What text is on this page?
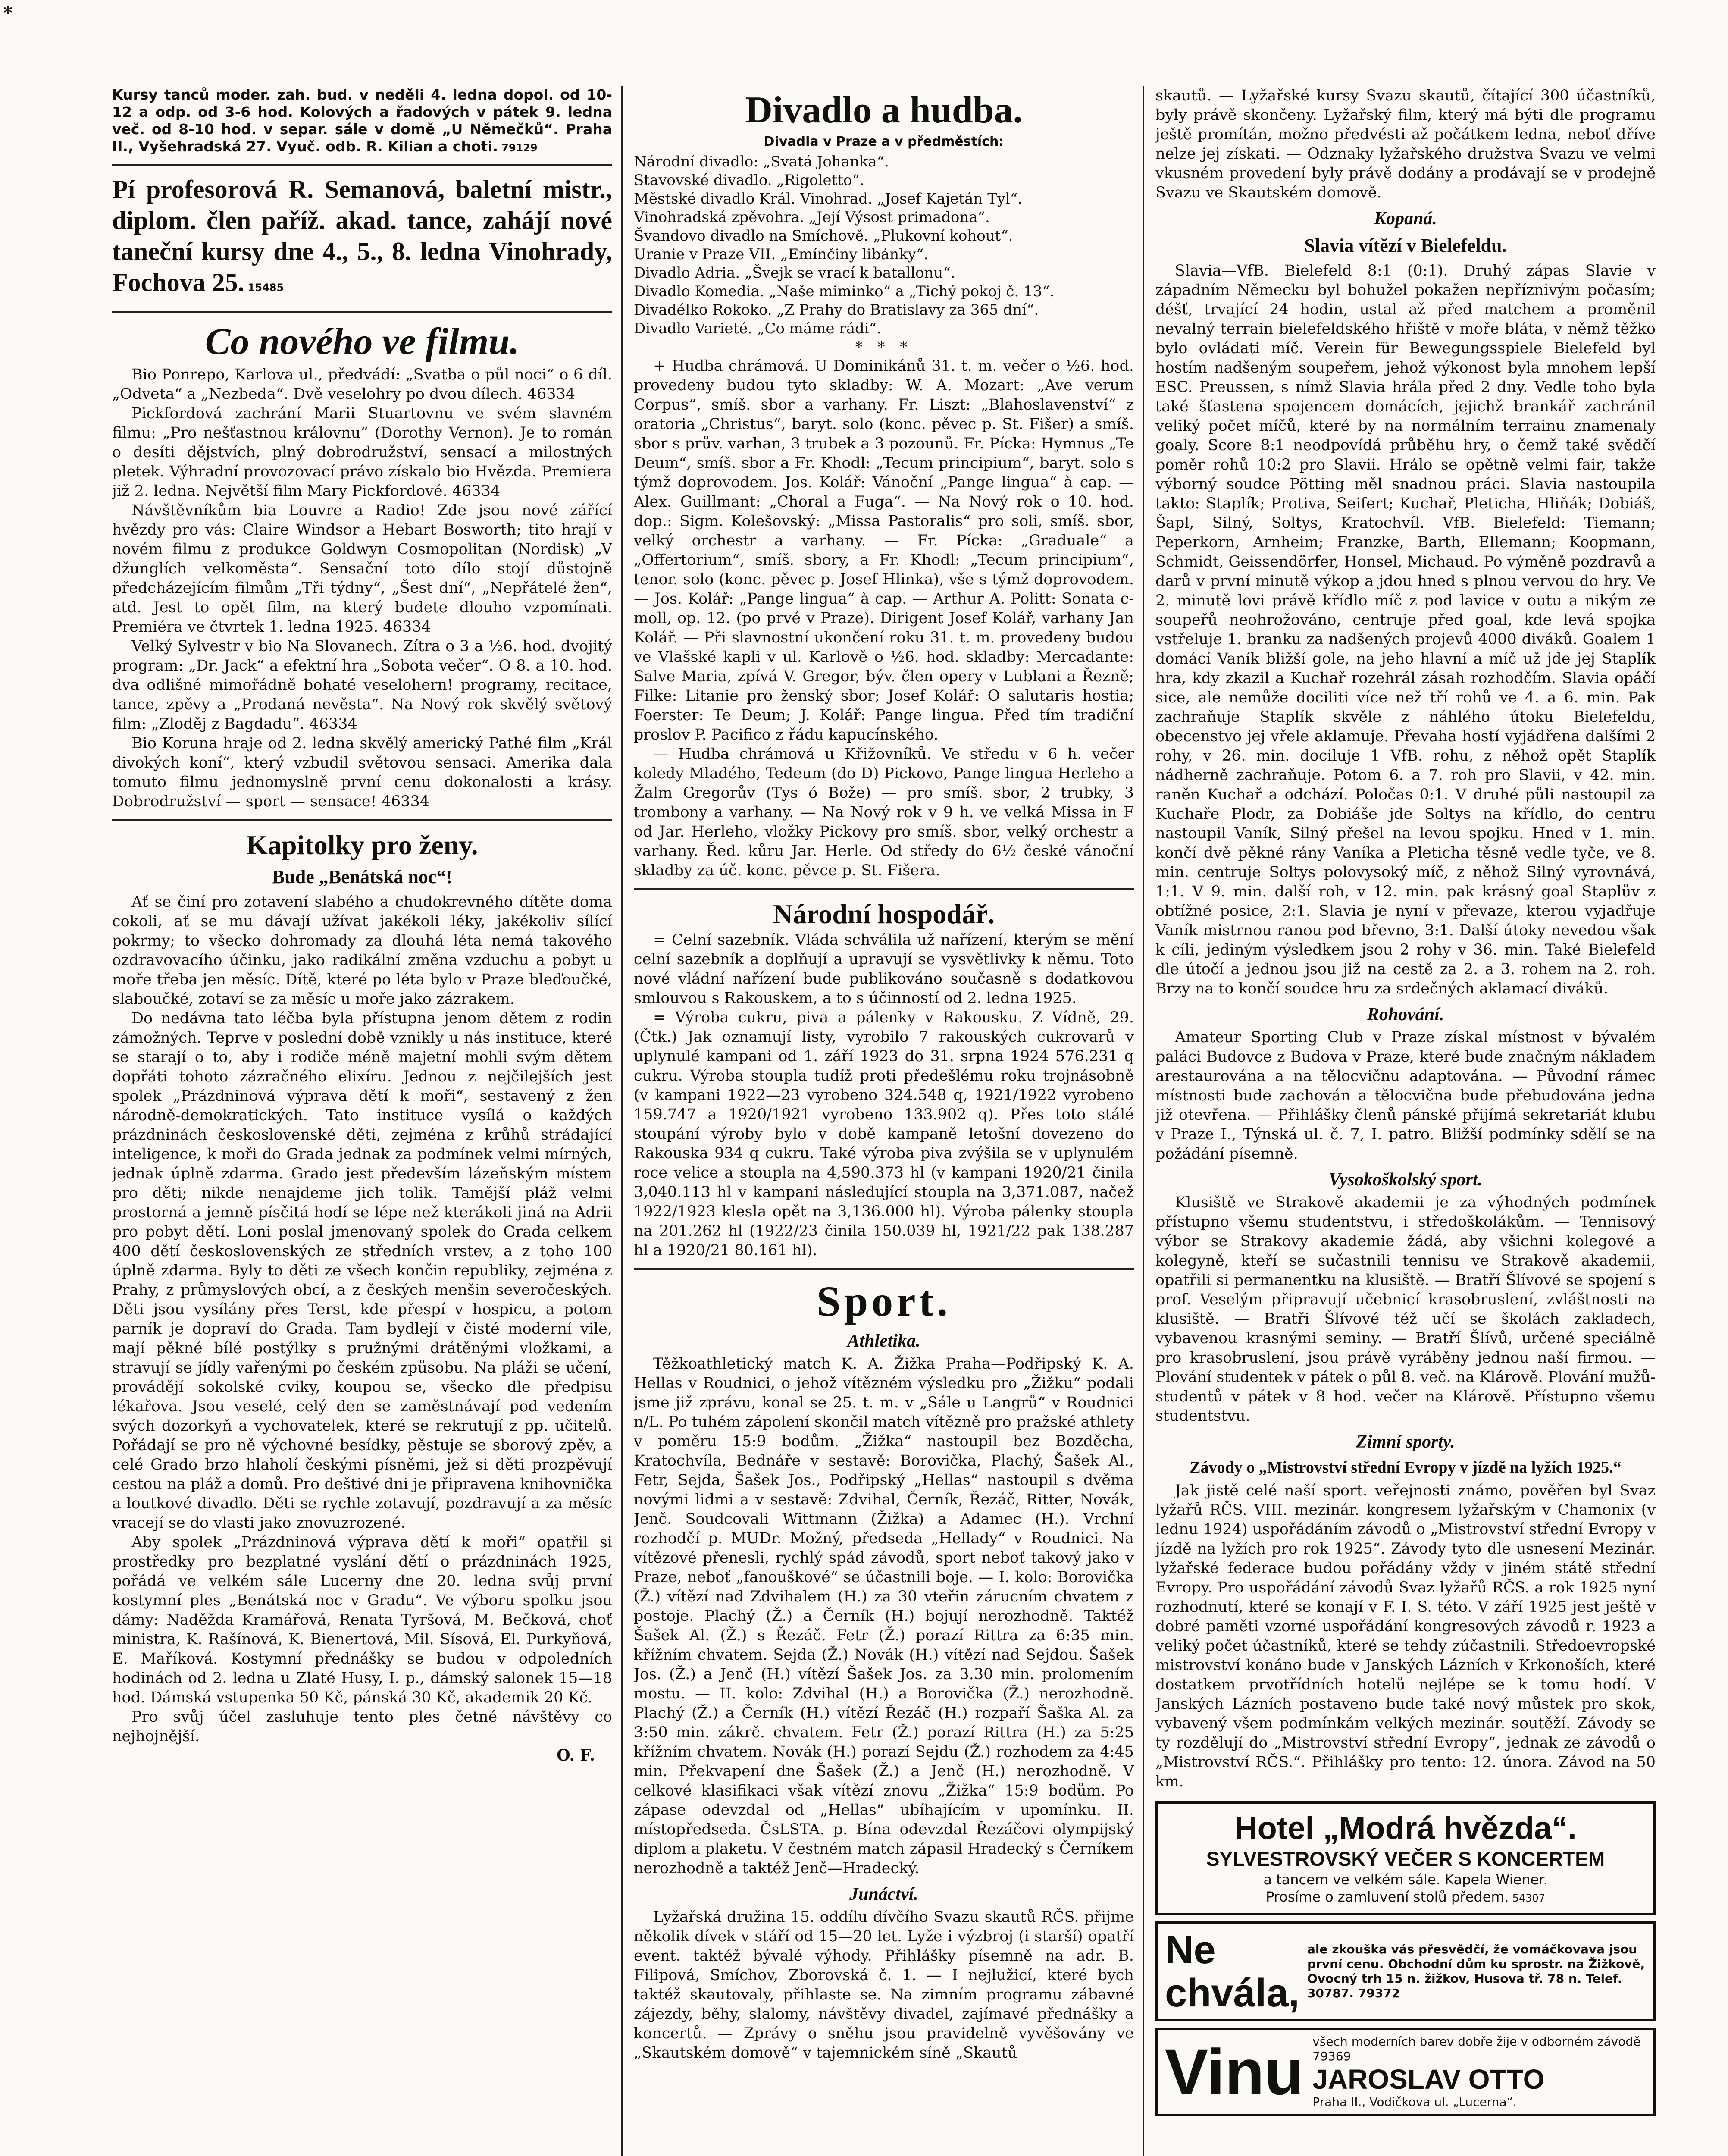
*

Kursy tanců moder. zah. bud. v neděli 4. ledna dopol. od 10-12 a odp. od 3-6 hod. Kolových a řadových v pátek 9. ledna več. od 8-10 hod. v separ. sále v domě „U Němečků“. Praha II., Vyšehradská 27. Vyuč. odb. R. Kilian a choti. 79129

Pí profesorová R. Semanová, baletní mistr., diplom. člen paříž. akad. tance, zahájí nové taneční kursy dne 4., 5., 8. ledna Vinohrady, Fochova 25. 15485

Co nového ve filmu.

Bio Ponrepo, Karlova ul., předvádí: „Svatba o půl noci“ o 6 díl. „Odveta“ a „Nezbeda“. Dvě veselohry po dvou dílech. 46334

Pickfordová zachrání Marii Stuartovnu ve svém slavném filmu: „Pro nešťastnou královnu“ (Dorothy Vernon). Je to román o desíti dějstvích, plný dobrodružství, sensací a milostných pletek. Výhradní provozovací právo získalo bio Hvězda. Premiera již 2. ledna. Největší film Mary Pickfordové. 46334

Návštěvníkům bia Louvre a Radio! Zde jsou nové zářící hvězdy pro vás: Claire Windsor a Hebart Bosworth; tito hrají v novém filmu z produkce Goldwyn Cosmopolitan (Nordisk) „V džunglích velkoměsta“. Sensační toto dílo stojí důstojně předcházejícím filmům „Tři týdny“, „Šest dní“, „Nepřátelé žen“, atd. Jest to opět film, na který budete dlouho vzpomínati. Premiéra ve čtvrtek 1. ledna 1925. 46334

Velký Sylvestr v bio Na Slovanech. Zítra o 3 a ½6. hod. dvojitý program: „Dr. Jack“ a efektní hra „Sobota večer“. O 8. a 10. hod. dva odlišné mimořádně bohaté veselohern! programy, recitace, tance, zpěvy a „Prodaná nevěsta“. Na Nový rok skvělý světový film: „Zloděj z Bagdadu“. 46334

Bio Koruna hraje od 2. ledna skvělý americký Pathé film „Král divokých koní“, který vzbudil světovou sensaci. Amerika dala tomuto filmu jednomyslně první cenu dokonalosti a krásy. Dobrodružství — sport — sensace! 46334

Kapitolky pro ženy.
Bude „Benátská noc“!

Ať se činí pro zotavení slabého a chudokrevného dítěte doma cokoli, ať se mu dávají užívat jakékoli léky, jakékoliv sílící pokrmy; to všecko dohromady za dlouhá léta nemá takového ozdravovacího účinku, jako radikální změna vzduchu a pobyt u moře třeba jen měsíc. Dítě, které po léta bylo v Praze bleďoučké, slaboučké, zotaví se za měsíc u moře jako zázrakem.

Do nedávna tato léčba byla přístupna jenom dětem z rodin zámožných. Teprve v poslední době vznikly u nás instituce, které se starají o to, aby i rodiče méně majetní mohli svým dětem dopřáti tohoto zázračného elixíru. Jednou z nejčilejších jest spolek „Prázdninová výprava dětí k moři“, sestavený z žen národně-demokratických. Tato instituce vysílá o každých prázdninách československé děti, zejména z krůhů strádající inteligence, k moři do Grada jednak za podmínek velmi mírných, jednak úplně zdarma. Grado jest především lázeňským místem pro děti; nikde nenajdeme jich tolik. Tamější pláž velmi prostorná a jemně písčitá hodí se lépe než kterákoli jiná na Adrii pro pobyt dětí. Loni poslal jmenovaný spolek do Grada celkem 400 dětí československých ze středních vrstev, a z toho 100 úplně zdarma. Byly to děti ze všech končin republiky, zejména z Prahy, z průmyslových obcí, a z českých menšin severočeských. Děti jsou vysílány přes Terst, kde přespí v hospicu, a potom parník je dopraví do Grada. Tam bydlejí v čisté moderní vile, mají pěkné bílé postýlky s pružnými drátěnými vložkami, a stravují se jídly vařenými po českém způsobu. Na pláži se učení, provádějí sokolské cviky, koupou se, všecko dle předpisu lékařova. Jsou veselé, celý den se zaměstnávají pod vedením svých dozorkyň a vychovatelek, které se rekrutují z pp. učitelů. Pořádají se pro ně výchovné besídky, pěstuje se sborový zpěv, a celé Grado brzo hlaholí českými písněmi, jež si děti prozpěvují cestou na pláž a domů. Pro deštivé dni je připravena knihovnička a loutkové divadlo. Děti se rychle zotavují, pozdravují a za měsíc vracejí se do vlasti jako znovuzrozené.

Aby spolek „Prázdninová výprava dětí k moři“ opatřil si prostředky pro bezplatné vyslání dětí o prázdninách 1925, pořádá ve velkém sále Lucerny dne 20. ledna svůj první kostymní ples „Benátská noc v Gradu“. Ve výboru spolku jsou dámy: Naděžda Kramářová, Renata Tyršová, M. Bečková, choť ministra, K. Rašínová, K. Bienertová, Mil. Sísová, El. Purkyňová, E. Maříková. Kostymní přednášky se budou v odpoledních hodinách od 2. ledna u Zlaté Husy, I. p., dámský salonek 15—18 hod. Dámská vstupenka 50 Kč, pánská 30 Kč, akademik 20 Kč.

Pro svůj účel zasluhuje tento ples četné návštěvy co nejhojnější.

O. F.

Divadlo a hudba.
Divadla v Praze a v předměstích:

Národní divadlo: „Svatá Johanka“.

Stavovské divadlo. „Rigoletto“.

Městské divadlo Král. Vinohrad. „Josef Kajetán Tyl“.

Vinohradská zpěvohra. „Její Výsost primadona“.

Švandovo divadlo na Smíchově. „Plukovní kohout“.

Uranie v Praze VII. „Emínčiny libánky“.

Divadlo Adria. „Švejk se vrací k batallonu“.

Divadlo Komedia. „Naše miminko“ a „Tichý pokoj č. 13“.

Divadélko Rokoko. „Z Prahy do Bratislavy za 365 dní“.

Divadlo Varieté. „Co máme rádi“.

* * *

+ Hudba chrámová. U Dominikánů 31. t. m. večer o ½6. hod. provedeny budou tyto skladby: W. A. Mozart: „Ave verum Corpus“, smíš. sbor a varhany. Fr. Liszt: „Blahoslavenství“ z oratoria „Christus“, baryt. solo (konc. pěvec p. St. Fišer) a smíš. sbor s prův. varhan, 3 trubek a 3 pozounů. Fr. Pícka: Hymnus „Te Deum“, smíš. sbor a Fr. Khodl: „Tecum principium“, baryt. solo s týmž doprovodem. Jos. Kolář: Vánoční „Pange lingua“ à cap. — Alex. Guillmant: „Choral a Fuga“. — Na Nový rok o 10. hod. dop.: Sigm. Kolešovský: „Missa Pastoralis“ pro soli, smíš. sbor, velký orchestr a varhany. — Fr. Pícka: „Graduale“ a „Offertorium“, smíš. sbory, a Fr. Khodl: „Tecum principium“, tenor. solo (konc. pěvec p. Josef Hlinka), vše s týmž doprovodem. — Jos. Kolář: „Pange lingua“ à cap. — Arthur A. Politt: Sonata c-moll, op. 12. (po prvé v Praze). Dirigent Josef Kolář, varhany Jan Kolář. — Při slavnostní ukončení roku 31. t. m. provedeny budou ve Vlašské kapli v ul. Karlově o ½6. hod. skladby: Mercadante: Salve Maria, zpívá V. Gregor, býv. člen opery v Lublani a Řezně; Filke: Litanie pro ženský sbor; Josef Kolář: O salutaris hostia; Foerster: Te Deum; J. Kolář: Pange lingua. Před tím tradiční proslov P. Pacifico z řádu kapucínského.

— Hudba chrámová u Křižovníků. Ve středu v 6 h. večer koledy Mladého, Tedeum (do D) Pickovo, Pange lingua Herleho a Žalm Gregorův (Tys ó Bože) — pro smíš. sbor, 2 trubky, 3 trombony a varhany. — Na Nový rok v 9 h. ve velká Missa in F od Jar. Herleho, vložky Pickovy pro smíš. sbor, velký orchestr a varhany. Řed. kůru Jar. Herle. Od středy do 6½ české vánoční skladby za úč. konc. pěvce p. St. Fišera.

Národní hospodář.

= Celní sazebník. Vláda schválila už nařízení, kterým se mění celní sazebník a doplňují a upravují se vysvětlivky k němu. Toto nové vládní nařízení bude publikováno současně s dodatkovou smlouvou s Rakouskem, a to s účinností od 2. ledna 1925.

= Výroba cukru, piva a pálenky v Rakousku. Z Vídně, 29. (Čtk.) Jak oznamují listy, vyrobilo 7 rakouských cukrovarů v uplynulé kampani od 1. září 1923 do 31. srpna 1924 576.231 q cukru. Výroba stoupla tudíž proti předešlému roku trojnásobně (v kampani 1922—23 vyrobeno 324.548 q, 1921/1922 vyrobeno 159.747 a 1920/1921 vyrobeno 133.902 q). Přes toto stálé stoupání výroby bylo v době kampaně letošní dovezeno do Rakouska 934 q cukru. Také výroba piva zvýšila se v uplynulém roce velice a stoupla na 4,590.373 hl (v kampani 1920/21 činila 3,040.113 hl v kampani následující stoupla na 3,371.087, načež 1922/1923 klesla opět na 3,136.000 hl). Výroba pálenky stoupla na 201.262 hl (1922/23 činila 150.039 hl, 1921/22 pak 138.287 hl a 1920/21 80.161 hl).

Sport.
Athletika.

Těžkoathletický match K. A. Žižka Praha—Podřipský K. A. Hellas v Roudnici, o jehož vítězném výsledku pro „Žižku“ podali jsme již zprávu, konal se 25. t. m. v „Sále u Langrů“ v Roudnici n/L. Po tuhém zápolení skončil match vítězně pro pražské athlety v poměru 15:9 bodům. „Žižka“ nastoupil bez Bozděcha, Kratochvíla, Bednáře v sestavě: Borovička, Plachý, Šašek Al., Fetr, Sejda, Šašek Jos., Podřipský „Hellas“ nastoupil s dvěma novými lidmi a v sestavě: Zdvihal, Černík, Řezáč, Ritter, Novák, Jenč. Soudcovali Wittmann (Žižka) a Adamec (H.). Vrchní rozhodčí p. MUDr. Možný, předseda „Hellady“ v Roudnici. Na vítězové přenesli, rychlý spád závodů, sport neboť takový jako v Praze, neboť „fanouškové“ se účastnili boje. — I. kolo: Borovička (Ž.) vítězí nad Zdvihalem (H.) za 30 vteřin zárucním chvatem z postoje. Plachý (Ž.) a Černík (H.) bojují nerozhodně. Taktéž Šašek Al. (Ž.) s Řezáč. Fetr (Ž.) porazí Rittra za 6:35 min. křížním chvatem. Sejda (Ž.) Novák (H.) vítězí nad Sejdou. Šašek Jos. (Ž.) a Jenč (H.) vítězí Šašek Jos. za 3.30 min. prolomením mostu. — II. kolo: Zdvihal (H.) a Borovička (Ž.) nerozhodně. Plachý (Ž.) a Černík (H.) vítězí Řezáč (H.) rozpaří Šaška Al. za 3:50 min. zákrč. chvatem. Fetr (Ž.) porazí Rittra (H.) za 5:25 křížním chvatem. Novák (H.) porazí Sejdu (Ž.) rozhodem za 4:45 min. Překvapení dne Šašek (Ž.) a Jenč (H.) nerozhodně. V celkové klasifikaci však vítězí znovu „Žižka“ 15:9 bodům. Po zápase odevzdal od „Hellas“ ubíhajícím v upomínku. II. místopředseda. ČsLSTA. p. Bína odevzdal Řezáčovi olympijský diplom a plaketu. V čestném match zápasil Hradecký s Černíkem nerozhodně a taktéž Jenč—Hradecký.

Junáctví.

Lyžařská družina 15. oddílu dívčího Svazu skautů RČS. přijme několik dívek v stáří od 15—20 let. Lyže i výzbroj (i starší) opatří event. taktéž bývalé výhody. Přihlášky písemně na adr. B. Filipová, Smíchov, Zborovská č. 1. — I nejlužicí, které bych taktéž skautovaly, přihlaste se. Na zimním programu zábavné zájezdy, běhy, slalomy, návštěvy divadel, zajímavé přednášky a koncertů. — Zprávy o sněhu jsou pravidelně vyvěšovány ve „Skautském domově“ v tajemnickém síně „Skautů

skautů. — Lyžařské kursy Svazu skautů, čítající 300 účastníků, byly právě skončeny. Lyžařský film, který má býti dle programu ještě promítán, možno předvésti až počátkem ledna, neboť dříve nelze jej získati. — Odznaky lyžařského družstva Svazu ve velmi vkusném provedení byly právě dodány a prodávají se v prodejně Svazu ve Skautském domově.

Kopaná.
Slavia vítězí v Bielefeldu.

Slavia—VfB. Bielefeld 8:1 (0:1). Druhý zápas Slavie v západním Německu byl bohužel pokažen nepříznivým počasím; déšť, trvající 24 hodin, ustal až před matchem a proměnil nevalný terrain bielefeldského hřiště v moře bláta, v němž těžko bylo ovládati míč. Verein für Bewegungsspiele Bielefeld byl hostím nadšeným soupeřem, jehož výkonost byla mnohem lepší ESC. Preussen, s nímž Slavia hrála před 2 dny. Vedle toho byla také šťastena spojencem domácích, jejichž brankář zachránil veliký počet míčů, které by na normálním terrainu znamenaly goaly. Score 8:1 neodpovídá průběhu hry, o čemž také svědčí poměr rohů 10:2 pro Slavii. Hrálo se opětně velmi fair, takže výborný soudce Pötting měl snadnou práci. Slavia nastoupila takto: Staplík; Protiva, Seifert; Kuchař, Pleticha, Hliňák; Dobiáš, Šapl, Silný, Soltys, Kratochvíl. VfB. Bielefeld: Tiemann; Peperkorn, Arnheim; Franzke, Barth, Ellemann; Koopmann, Schmidt, Geissendörfer, Honsel, Michaud. Po výměně pozdravů a darů v první minutě výkop a jdou hned s plnou vervou do hry. Ve 2. minutě lovi právě křídlo míč z pod lavice v outu a nikým ze soupeřů neohrožováno, centruje před goal, kde levá spojka vstřeluje 1. branku za nadšených projevů 4000 diváků. Goalem 1 domácí Vaník bližší gole, na jeho hlavní a míč už jde jej Staplík hra, kdy zkazil a Kuchař rozehrál zásah rozhodčím. Slavia opáčí sice, ale nemůže dociliti více než tří rohů ve 4. a 6. min. Pak zachraňuje Staplík skvěle z náhlého útoku Bielefeldu, obecenstvo jej vřele aklamuje. Převaha hostí vyjádřena dalšími 2 rohy, v 26. min. dociluje 1 VfB. rohu, z něhož opět Staplík nádherně zachraňuje. Potom 6. a 7. roh pro Slavii, v 42. min. raněn Kuchař a odchází. Poločas 0:1. V druhé půli nastoupil za Kuchaře Plodr, za Dobiáše jde Soltys na křídlo, do centru nastoupil Vaník, Silný přešel na levou spojku. Hned v 1. min. končí dvě pěkné rány Vaníka a Pleticha těsně vedle tyče, ve 8. min. centruje Soltys polovysoký míč, z něhož Silný vyrovnává, 1:1. V 9. min. další roh, v 12. min. pak krásný goal Staplův z obtížné posice, 2:1. Slavia je nyní v převaze, kterou vyjadřuje Vaník mistrnou ranou pod břevno, 3:1. Další útoky nevedou však k cíli, jediným výsledkem jsou 2 rohy v 36. min. Také Bielefeld dle útočí a jednou jsou již na cestě za 2. a 3. rohem na 2. roh. Brzy na to končí soudce hru za srdečných aklamací diváků.

Rohování.

Amateur Sporting Club v Praze získal místnost v bývalém paláci Budovce z Budova v Praze, které bude značným nákladem arestaurována a na tělocvičnu adaptována. — Původní rámec místnosti bude zachován a tělocvična bude přebudována jedna již otevřena. — Přihlášky členů pánské přijímá sekretariát klubu v Praze I., Týnská ul. č. 7, I. patro. Bližší podmínky sdělí se na požádání písemně.

Vysokoškolský sport.

Klusiště ve Strakově akademii je za výhodných podmínek přístupno všemu studentstvu, i středoškolákům. — Tennisový výbor se Strakovy akademie žádá, aby všichni kolegové a kolegyně, kteří se sučastnili tennisu ve Strakově akademii, opatřili si permanentku na klusiště. — Bratří Šlívové se spojení s prof. Veselým připravují učebnicí krasobruslení, zvláštnosti na klusiště. — Bratři Šlívové též učí se školách zakladech, vybavenou krasnými seminy. — Bratří Šlívů, určené speciálně pro krasobruslení, jsou právě vyráběny jednou naší firmou. — Plování studentek v pátek o půl 8. več. na Klárově. Plování mužů-studentů v pátek v 8 hod. večer na Klárově. Přístupno všemu studentstvu.

Zimní sporty.
Závody o „Mistrovství střední Evropy v jízdě na lyžích 1925.“

Jak jistě celé naší sport. veřejnosti známo, pověřen byl Svaz lyžařů RČS. VIII. mezinár. kongresem lyžařským v Chamonix (v lednu 1924) uspořádáním závodů o „Mistrovství střední Evropy v jízdě na lyžích pro rok 1925“. Závody tyto dle usnesení Mezinár. lyžařské federace budou pořádány vždy v jiném státě střední Evropy. Pro uspořádání závodů Svaz lyžařů RČS. a rok 1925 nyní rozhodnutí, které se konají v F. I. S. této. V září 1925 jest ještě v dobré paměti vzorné uspořádání kongresových závodů r. 1923 a veliký počet účastníků, které se tehdy zúčastnili. Středoevropské mistrovství konáno bude v Janských Lázních v Krkonoších, které dostatkem prvotřídních hotelů nejlépe se k tomu hodí. V Janských Lázních postaveno bude také nový můstek pro skok, vybavený všem podmínkám velkých mezinár. soutěží. Závody se ty rozdělují do „Mistrovství střední Evropy“, jednak ze závodů o „Mistrovství RČS.“. Přihlášky pro tento: 12. února. Závod na 50 km.

Hotel „Modrá hvězda“.
SYLVESTROVSKÝ VEČER S KONCERTEM
a tancem ve velkém sále. Kapela Wiener.
Prosíme o zamluvení stolů předem. 54307
Ne chvála,
ale zkouška vás přesvědčí, že vomáčkovava jsou první cenu. Obchodní dům ku sprostr. na Žižkově, Ovocný trh 15 n. žižkov, Husova tř. 78 n. Telef. 30787. 79372
Vinu všech moderních barev dobře žije v odborném závodě 79369
JAROSLAV OTTO
Praha II., Vodičkova ul. „Lucerna“.
